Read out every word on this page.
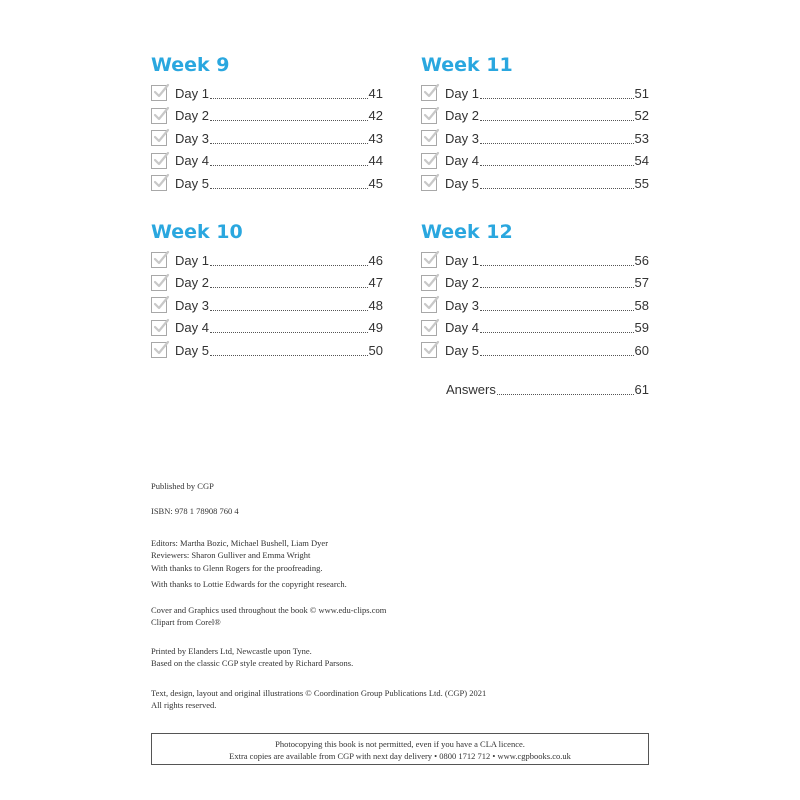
Week 9
Day 1	41
Day 2	42
Day 3	43
Day 4	44
Day 5	45
Week 11
Day 1	51
Day 2	52
Day 3	53
Day 4	54
Day 5	55
Week 10
Day 1	46
Day 2	47
Day 3	48
Day 4	49
Day 5	50
Week 12
Day 1	56
Day 2	57
Day 3	58
Day 4	59
Day 5	60
Answers	61

Published by CGP

ISBN: 978 1 78908 760 4

Editors: Martha Bozic, Michael Bushell, Liam Dyer

Reviewers: Sharon Gulliver and Emma Wright

With thanks to Glenn Rogers for the proofreading.

With thanks to Lottie Edwards for the copyright research.

Cover and Graphics used throughout the book © www.edu-clips.com

Clipart from Corel®

Printed by Elanders Ltd, Newcastle upon Tyne.

Based on the classic CGP style created by Richard Parsons.

Text, design, layout and original illustrations © Coordination Group Publications Ltd. (CGP) 2021

All rights reserved.

Photocopying this book is not permitted, even if you have a CLA licence.
Extra copies are available from CGP with next day delivery • 0800 1712 712 • www.cgpbooks.co.uk
